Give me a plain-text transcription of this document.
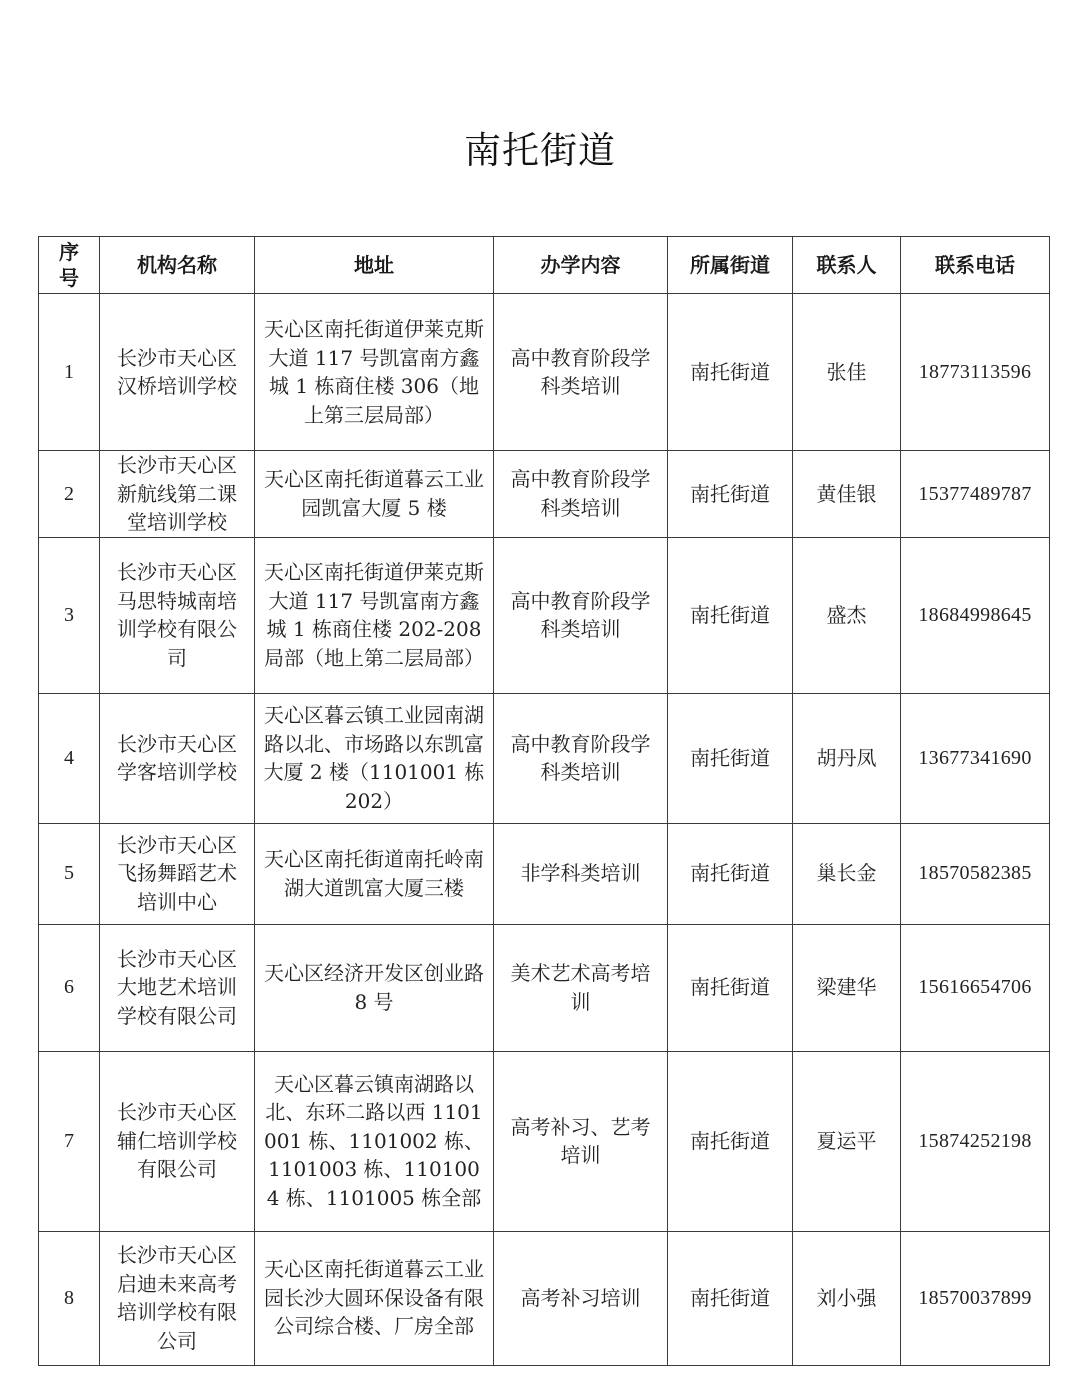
南托街道
序号	机构名称	地址	办学内容	所属街道	联系人	联系电话
1	长沙市天心区汉桥培训学校	天心区南托街道伊莱克斯大道 117 号凯富南方鑫城 1 栋商住楼 306（地上第三层局部）	高中教育阶段学科类培训	南托街道	张佳	18773113596
2	长沙市天心区新航线第二课堂培训学校	天心区南托街道暮云工业园凯富大厦 5 楼	高中教育阶段学科类培训	南托街道	黄佳银	15377489787
3	长沙市天心区马思特城南培训学校有限公司	天心区南托街道伊莱克斯大道 117 号凯富南方鑫城 1 栋商住楼 202-208 局部（地上第二层局部）	高中教育阶段学科类培训	南托街道	盛杰	18684998645
4	长沙市天心区学客培训学校	天心区暮云镇工业园南湖路以北、市场路以东凯富大厦 2 楼（1101001 栋 202）	高中教育阶段学科类培训	南托街道	胡丹凤	13677341690
5	长沙市天心区飞扬舞蹈艺术培训中心	天心区南托街道南托岭南湖大道凯富大厦三楼	非学科类培训	南托街道	巢长金	18570582385
6	长沙市天心区大地艺术培训学校有限公司	天心区经济开发区创业路 8 号	美术艺术高考培训	南托街道	梁建华	15616654706
7	长沙市天心区辅仁培训学校有限公司	天心区暮云镇南湖路以北、东环二路以西 1101001 栋、1101002 栋、1101003 栋、1101004 栋、1101005 栋全部	高考补习、艺考培训	南托街道	夏运平	15874252198
8	长沙市天心区启迪未来高考培训学校有限公司	天心区南托街道暮云工业园长沙大圆环保设备有限公司综合楼、厂房全部	高考补习培训	南托街道	刘小强	18570037899
